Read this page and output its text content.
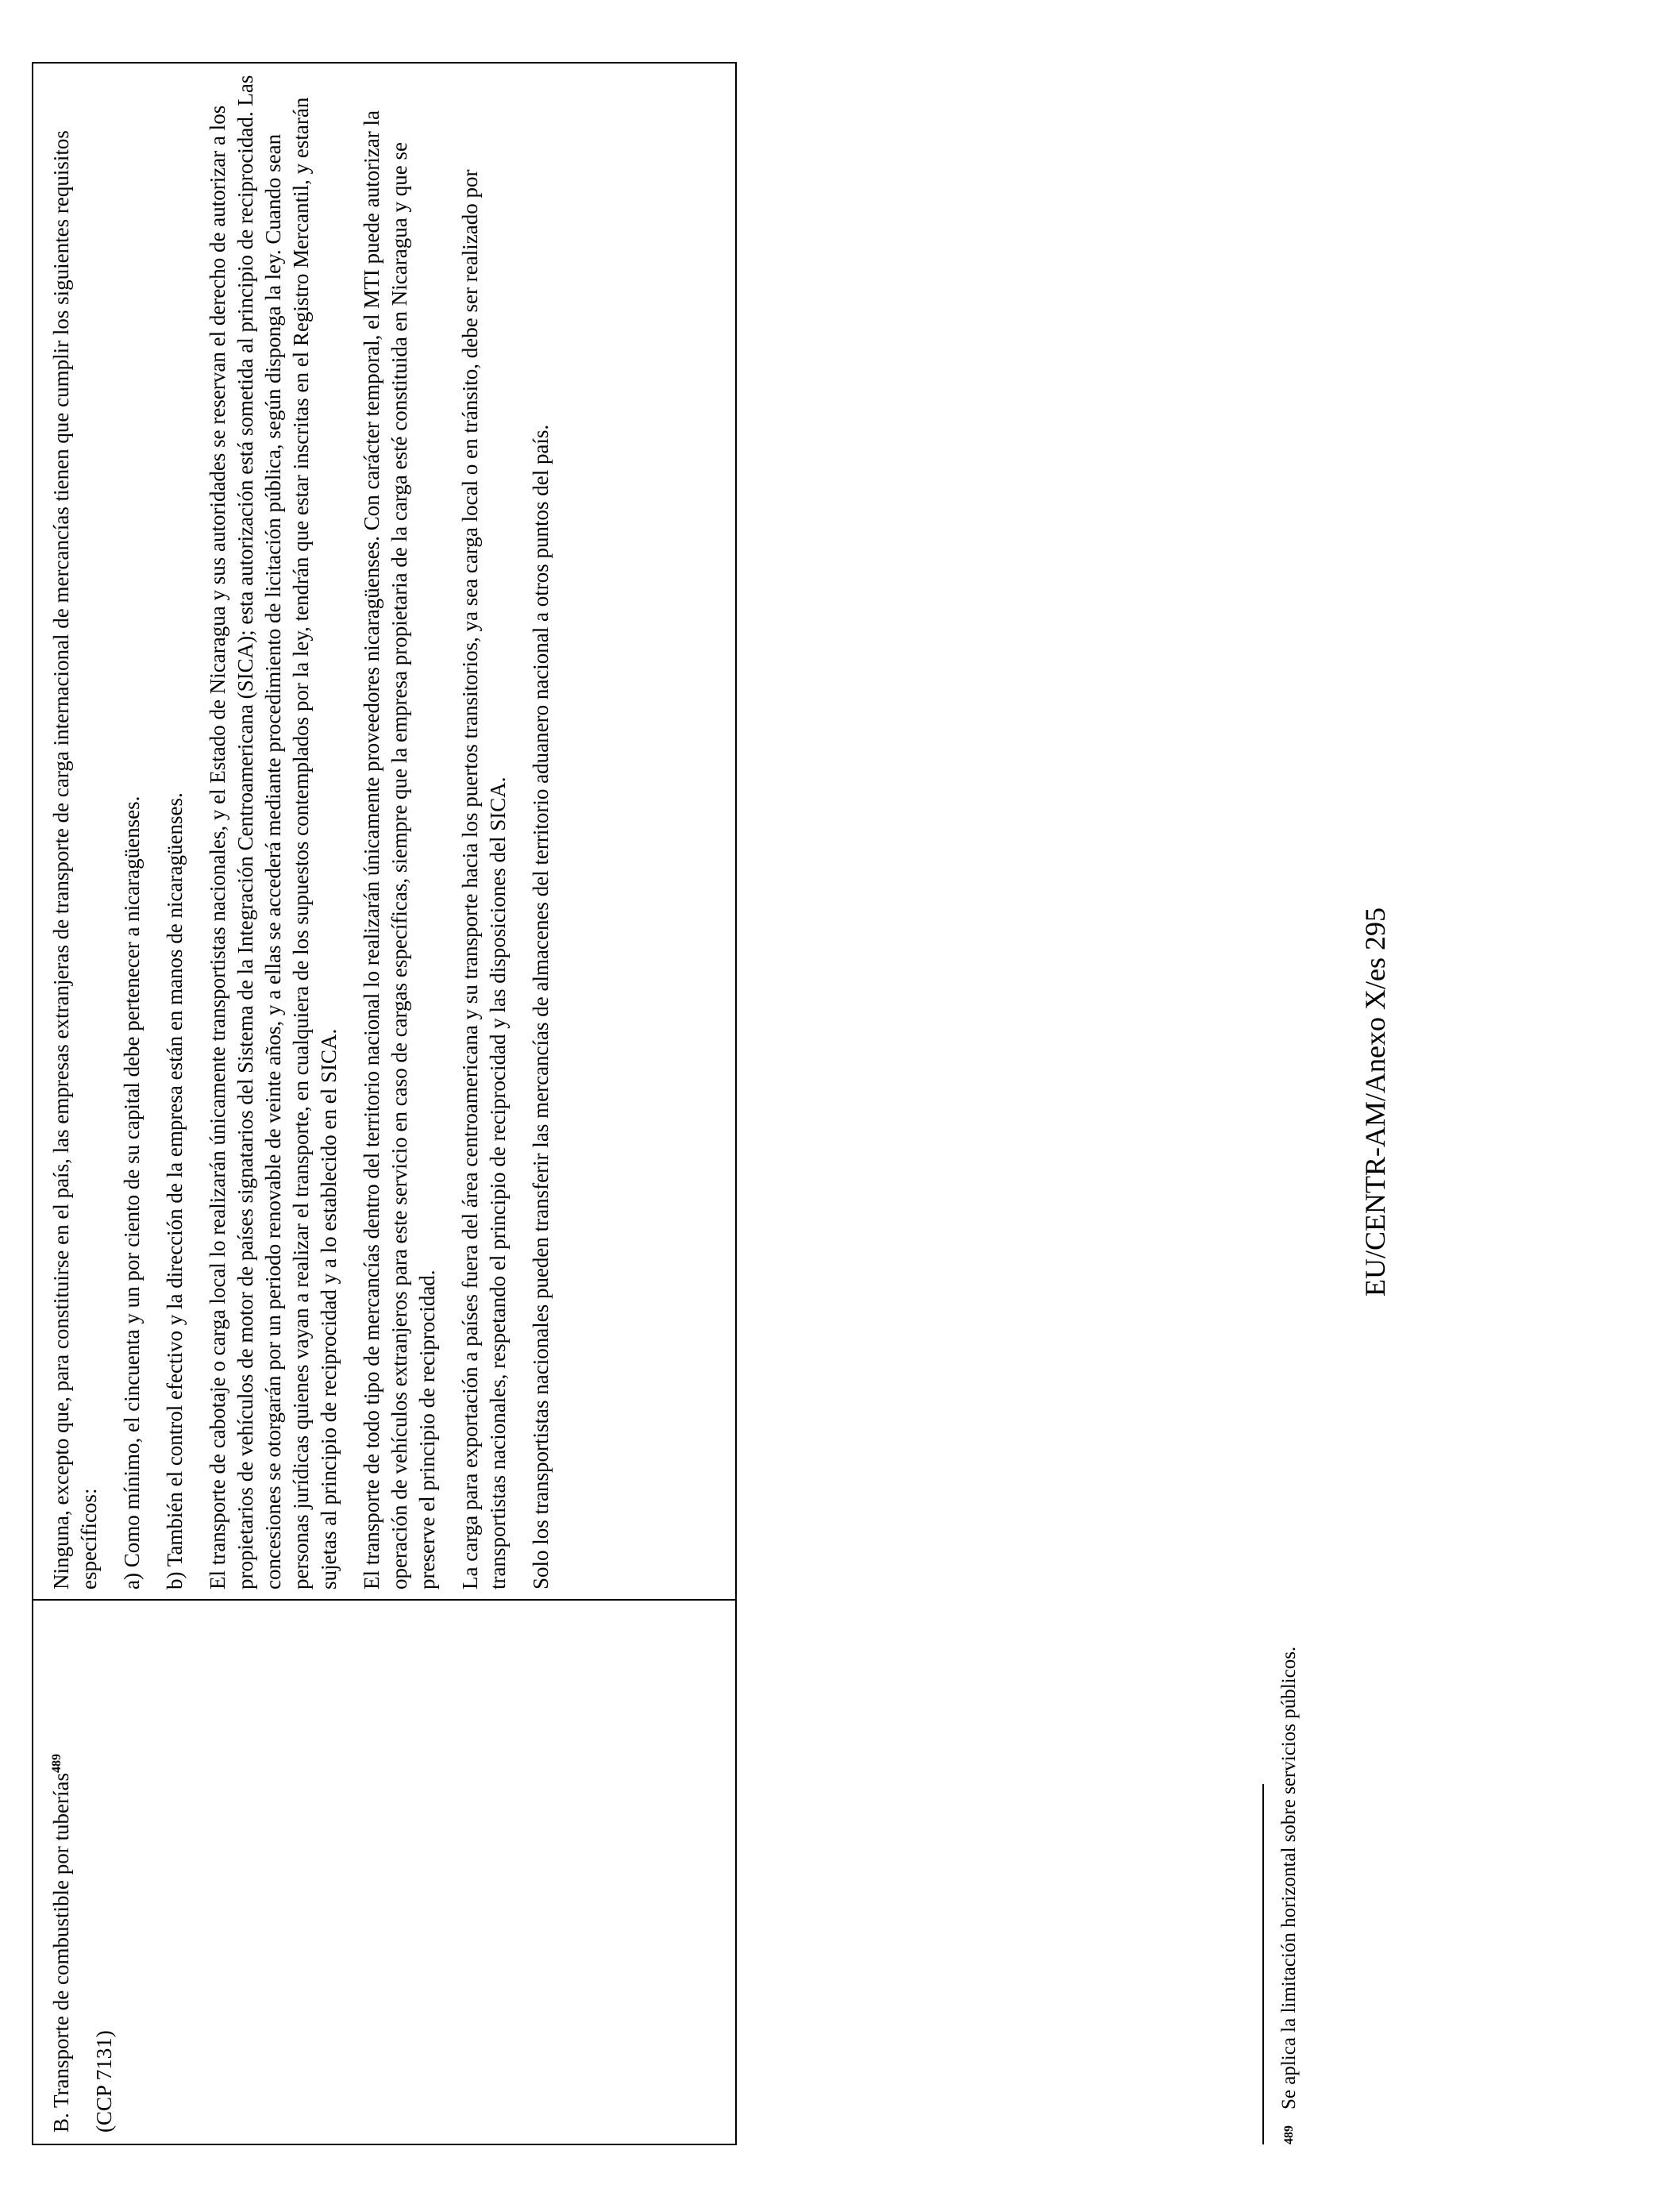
B. Transporte de combustible por tuberías$^{489}$

(CCP 7131)

Ninguna, excepto que, para constituirse en el país, las empresas extranjeras de transporte de carga internacional de mercancías tienen que cumplir los siguientes requisitos específicos: a) Como mínimo, el cincuenta y un por ciento de su capital debe pertenecer a nicaragüenses. b) También el control efectivo y la dirección de la empresa están en manos de nicaragüenses. El transporte de cabotaje o carga local lo realizarán únicamente transportistas nacionales, y el Estado de Nicaragua y sus autoridades se reservan el derecho de autorizar a los propietarios de vehículos de motor de países signatarios del Sistema de la Integración Centroamericana (SICA); esta autorización está sometida al principio de reciprocidad. Las concesiones se otorgarán por un periodo renovable de veinte años, y a ellas se accederá mediante procedimiento de licitación pública, según disponga la ley. Cuando sean personas jurídicas quienes vayan a realizar el transporte, en cualquiera de los supuestos contemplados por la ley, tendrán que estar inscritas en el Registro Mercantil, y estarán sujetas al principio de reciprocidad y a lo establecido en el SICA. El transporte de todo tipo de mercancías dentro del territorio nacional lo realizarán únicamente proveedores nicaragüenses. Con carácter temporal, el MTI puede autorizar la operación de vehículos extranjeros para este servicio en caso de cargas específicas, siempre que la empresa propietaria de la carga esté constituida en Nicaragua y que se preserve el principio de reciprocidad. La carga para exportación a países fuera del área centroamericana y su transporte hacia los puertos transitorios, ya sea carga local o en tránsito, debe ser realizado por transportistas nacionales, respetando el principio de reciprocidad y las disposiciones del SICA. Solo los transportistas nacionales pueden transferir las mercancías de almacenes del territorio aduanero nacional a otros puntos del país.

489Se aplica la limitación horizontal sobre servicios públicos.
EU/CENTR-AM/Anexo X/es 295
